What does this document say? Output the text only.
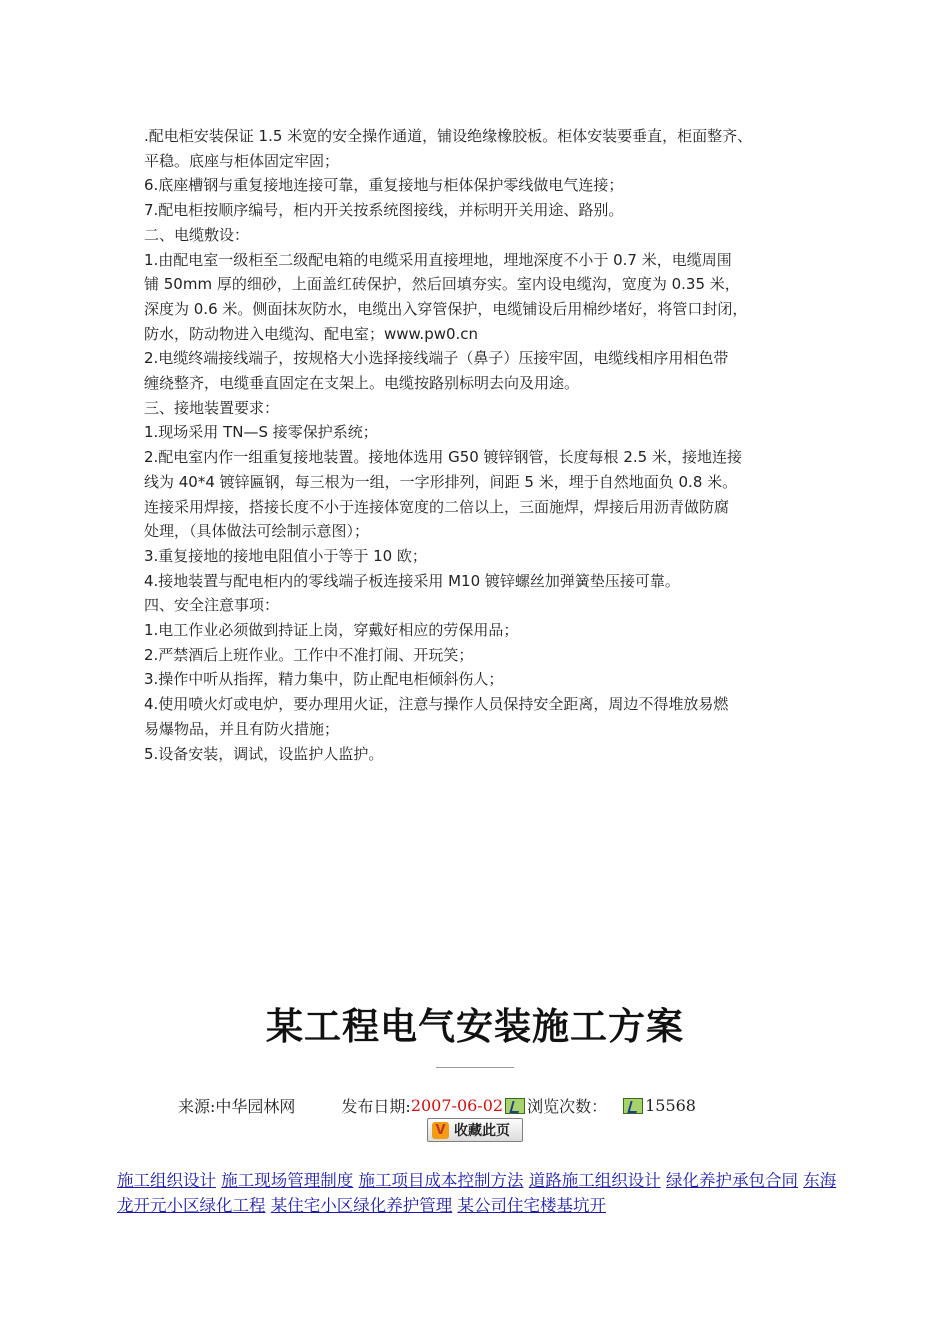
.配电柜安装保证 1.5 米宽的安全操作通道，铺设绝缘橡胶板。柜体安装要垂直，柜面整齐、
平稳。底座与柜体固定牢固；
6.底座槽钢与重复接地连接可靠，重复接地与柜体保护零线做电气连接；
7.配电柜按顺序编号，柜内开关按系统图接线，并标明开关用途、路别。
二、电缆敷设：
1.由配电室一级柜至二级配电箱的电缆采用直接埋地，埋地深度不小于 0.7 米，电缆周围
铺 50mm 厚的细砂，上面盖红砖保护，然后回填夯实。室内设电缆沟，宽度为 0.35 米，
深度为 0.6 米。侧面抹灰防水，电缆出入穿管保护，电缆铺设后用棉纱堵好，将管口封闭，
防水，防动物进入电缆沟、配电室；www.pw0.cn
2.电缆终端接线端子，按规格大小选择接线端子（鼻子）压接牢固，电缆线相序用相色带
缠绕整齐，电缆垂直固定在支架上。电缆按路别标明去向及用途。
三、接地装置要求：
1.现场采用 TN—S 接零保护系统；
2.配电室内作一组重复接地装置。接地体选用 G50 镀锌钢管，长度每根 2.5 米，接地连接
线为 40*4 镀锌匾钢，每三根为一组，一字形排列，间距 5 米，埋于自然地面负 0.8 米。
连接采用焊接，搭接长度不小于连接体宽度的二倍以上，三面施焊，焊接后用沥青做防腐
处理，（具体做法可绘制示意图）；
3.重复接地的接地电阻值小于等于 10 欧；
4.接地装置与配电柜内的零线端子板连接采用 M10 镀锌螺丝加弹簧垫压接可靠。
四、安全注意事项：
1.电工作业必须做到持证上岗，穿戴好相应的劳保用品；
2.严禁酒后上班作业。工作中不准打闹、开玩笑；
3.操作中听从指挥，精力集中，防止配电柜倾斜伤人；
4.使用喷火灯或电炉，要办理用火证，注意与操作人员保持安全距离，周边不得堆放易燃
易爆物品，并且有防火措施；
5.设备安装，调试，设监护人监护。
某工程电气安装施工方案
来源:中华园林网	发布日期: 2007-06-02 浏览次数： 15568
V 收藏此页
施工组织设计 施工现场管理制度 施工项目成本控制方法 道路施工组织设计 绿化养护承包合同 东海龙开元小区绿化工程 某住宅小区绿化养护管理 某公司住宅楼基坑开
